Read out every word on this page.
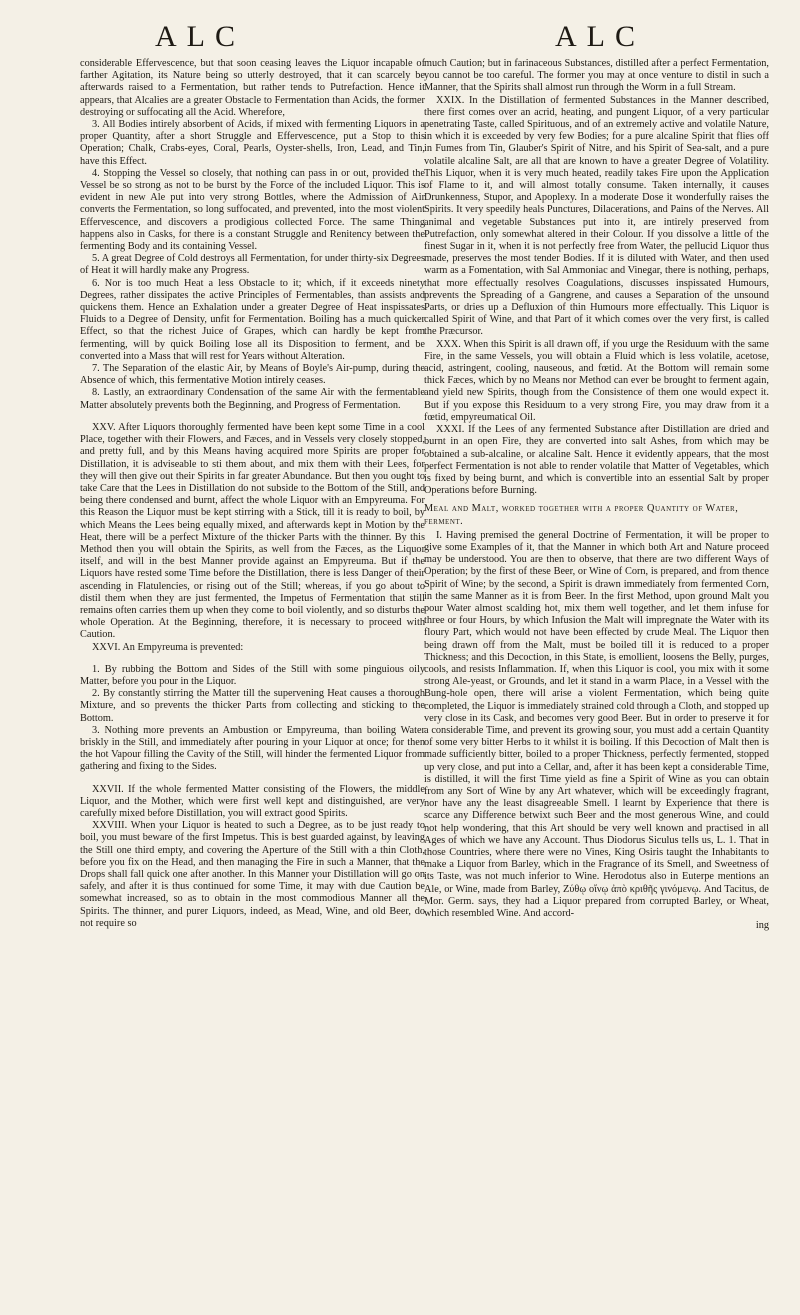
ALC	ALC

considerable Effervescence, but that soon ceasing leaves the Liquor incapable of farther Agitation, its Nature being so utterly destroyed, that it can scarcely be afterwards raised to a Fermentation, but rather tends to Putrefaction. Hence it appears, that Alcalies are a greater Obstacle to Fermentation than Acids, the former destroying or suffocating all the Acid. Wherefore,

3. All Bodies intirely absorbent of Acids, if mixed with fermenting Liquors in a proper Quantity, after a short Struggle and Effervescence, put a Stop to this Operation; Chalk, Crabs-eyes, Coral, Pearls, Oyster-shells, Iron, Lead, and Tin, have this Effect.

4. Stopping the Vessel so closely, that nothing can pass in or out, provided the Vessel be so strong as not to be burst by the Force of the included Liquor. This is evident in new Ale put into very strong Bottles, where the Admission of Air converts the Fermentation, so long suffocated, and prevented, into the most violent Effervescence, and discovers a prodigious collected Force. The same Thing happens also in Casks, for there is a constant Struggle and Renitency between the fermenting Body and its containing Vessel.

5. A great Degree of Cold destroys all Fermentation, for under thirty-six Degrees of Heat it will hardly make any Progress.

6. Nor is too much Heat a less Obstacle to it; which, if it exceeds ninety Degrees, rather dissipates the active Principles of Fermentables, than assists and quickens them. Hence an Exhalation under a greater Degree of Heat inspissates Fluids to a Degree of Density, unfit for Fermentation. Boiling has a much quicker Effect, so that the richest Juice of Grapes, which can hardly be kept from fermenting, will by quick Boiling lose all its Disposition to ferment, and be converted into a Mass that will rest for Years without Alteration.

7. The Separation of the elastic Air, by Means of Boyle's Air-pump, during the Absence of which, this fermentative Motion intirely ceases.

8. Lastly, an extraordinary Condensation of the same Air with the fermentable Matter absolutely prevents both the Beginning, and Progress of Fermentation.

XXV. After Liquors thoroughly fermented have been kept some Time in a cool Place, together with their Flowers, and Fæces, and in Vessels very closely stopped, and pretty full, and by this Means having acquired more Spirits are proper for Distillation, it is adviseable to sti them about, and mix them with their Lees, for they will then give out their Spirits in far greater Abundance. But then you ought to take Care that the Lees in Distillation do not subside to the Bottom of the Still, and being there condensed and burnt, affect the whole Liquor with an Empyreuma. For this Reason the Liquor must be kept stirring with a Stick, till it is ready to boil, by which Means the Lees being equally mixed, and afterwards kept in Motion by the Heat, there will be a perfect Mixture of the thicker Parts with the thinner. By this Method then you will obtain the Spirits, as well from the Fæces, as the Liquor itself, and will in the best Manner provide against an Empyreuma. But if the Liquors have rested some Time before the Distillation, there is less Danger of their ascending in Flatulencies, or rising out of the Still; whereas, if you go about to distil them when they are just fermented, the Impetus of Fermentation that still remains often carries them up when they come to boil violently, and so disturbs the whole Operation. At the Beginning, therefore, it is necessary to proceed with Caution.

XXVI. An Empyreuma is prevented:

1. By rubbing the Bottom and Sides of the Still with some pinguious oily Matter, before you pour in the Liquor.

2. By constantly stirring the Matter till the supervening Heat causes a thorough Mixture, and so prevents the thicker Parts from collecting and sticking to the Bottom.

3. Nothing more prevents an Ambustion or Empyreuma, than boiling Water briskly in the Still, and immediately after pouring in your Liquor at once; for then the hot Vapour filling the Cavity of the Still, will hinder the fermented Liquor from gathering and fixing to the Sides.

XXVII. If the whole fermented Matter consisting of the Flowers, the middle Liquor, and the Mother, which were first well kept and distinguished, are very carefully mixed before Distillation, you will extract good Spirits.

XXVIII. When your Liquor is heated to such a Degree, as to be just ready to boil, you must beware of the first Impetus. This is best guarded against, by leaving the Still one third empty, and covering the Aperture of the Still with a thin Cloth, before you fix on the Head, and then managing the Fire in such a Manner, that the Drops shall fall quick one after another. In this Manner your Distillation will go on safely, and after it is thus continued for some Time, it may with due Caution be somewhat increased, so as to obtain in the most commodious Manner all the Spirits. The thinner, and purer Liquors, indeed, as Mead, Wine, and old Beer, do not require so

much Caution; but in farinaceous Substances, distilled after a perfect Fermentation, you cannot be too careful. The former you may at once venture to distil in such a Manner, that the Spirits shall almost run through the Worm in a full Stream.

XXIX. In the Distillation of fermented Substances in the Manner described, there first comes over an acrid, heating, and pungent Liquor, of a very particular penetrating Taste, called Spirituous, and of an extremely active and volatile Nature, in which it is exceeded by very few Bodies; for a pure alcaline Spirit that flies off in Fumes from Tin, Glauber's Spirit of Nitre, and his Spirit of Sea-salt, and a pure volatile alcaline Salt, are all that are known to have a greater Degree of Volatility. This Liquor, when it is very much heated, readily takes Fire upon the Application of Flame to it, and will almost totally consume. Taken internally, it causes Drunkenness, Stupor, and Apoplexy. In a moderate Dose it wonderfully raises the Spirits. It very speedily heals Punctures, Dilacerations, and Pains of the Nerves. All animal and vegetable Substances put into it, are intirely preserved from Putrefaction, only somewhat altered in their Colour. If you dissolve a little of the finest Sugar in it, when it is not perfectly free from Water, the pellucid Liquor thus made, preserves the most tender Bodies. If it is diluted with Water, and then used warm as a Fomentation, with Sal Ammoniac and Vinegar, there is nothing, perhaps, that more effectually resolves Coagulations, discusses inspissated Humours, prevents the Spreading of a Gangrene, and causes a Separation of the unsound Parts, or dries up a Defluxion of thin Humours more effectually. This Liquor is called Spirit of Wine, and that Part of it which comes over the very first, is called the Præcursor.

XXX. When this Spirit is all drawn off, if you urge the Residuum with the same Fire, in the same Vessels, you will obtain a Fluid which is less volatile, acetose, acid, astringent, cooling, nauseous, and fœtid. At the Bottom will remain some thick Fæces, which by no Means nor Method can ever be brought to ferment again, and yield new Spirits, though from the Consistence of them one would expect it. But if you expose this Residuum to a very strong Fire, you may draw from it a fœtid, empyreumatical Oil.

XXXI. If the Lees of any fermented Substance after Distillation are dried and burnt in an open Fire, they are converted into salt Ashes, from which may be obtained a sub-alcaline, or alcaline Salt. Hence it evidently appears, that the most perfect Fermentation is not able to render volatile that Matter of Vegetables, which is fixed by being burnt, and which is convertible into an essential Salt by proper Operations before Burning.

Meal and Malt, worked together with a proper Quantity of Water, ferment.

I. Having premised the general Doctrine of Fermentation, it will be proper to give some Examples of it, that the Manner in which both Art and Nature proceed may be understood. You are then to observe, that there are two different Ways of Operation; by the first of these Beer, or Wine of Corn, is prepared, and from thence Spirit of Wine; by the second, a Spirit is drawn immediately from fermented Corn, in the same Manner as it is from Beer. In the first Method, upon ground Malt you pour Water almost scalding hot, mix them well together, and let them infuse for three or four Hours, by which Infusion the Malt will impregnate the Water with its floury Part, which would not have been effected by crude Meal. The Liquor then being drawn off from the Malt, must be boiled till it is reduced to a proper Thickness; and this Decoction, in this State, is emollient, loosens the Belly, purges, cools, and resists Inflammation. If, when this Liquor is cool, you mix with it some strong Ale-yeast, or Grounds, and let it stand in a warm Place, in a Vessel with the Bung-hole open, there will arise a violent Fermentation, which being quite completed, the Liquor is immediately strained cold through a Cloth, and stopped up very close in its Cask, and becomes very good Beer. But in order to preserve it for a considerable Time, and prevent its growing sour, you must add a certain Quantity of some very bitter Herbs to it whilst it is boiling. If this Decoction of Malt then is made sufficiently bitter, boiled to a proper Thickness, perfectly fermented, stopped up very close, and put into a Cellar, and, after it has been kept a considerable Time, is distilled, it will the first Time yield as fine a Spirit of Wine as you can obtain from any Sort of Wine by any Art whatever, which will be exceedingly fragrant, nor have any the least disagreeable Smell. I learnt by Experience that there is scarce any Difference betwixt such Beer and the most generous Wine, and could not help wondering, that this Art should be very well known and practised in all Ages of which we have any Account. Thus Diodorus Siculus tells us, L. 1. That in those Countries, where there were no Vines, King Osiris taught the Inhabitants to make a Liquor from Barley, which in the Fragrance of its Smell, and Sweetness of its Taste, was not much inferior to Wine. Herodotus also in Euterpe mentions an Ale, or Wine, made from Barley, Ζύθῳ οἴνῳ ἀπὸ κριθῆς γινόμενῳ. And Tacitus, de Mor. Germ. says, they had a Liquor prepared from corrupted Barley, or Wheat, which resembled Wine. And accord-

ing
